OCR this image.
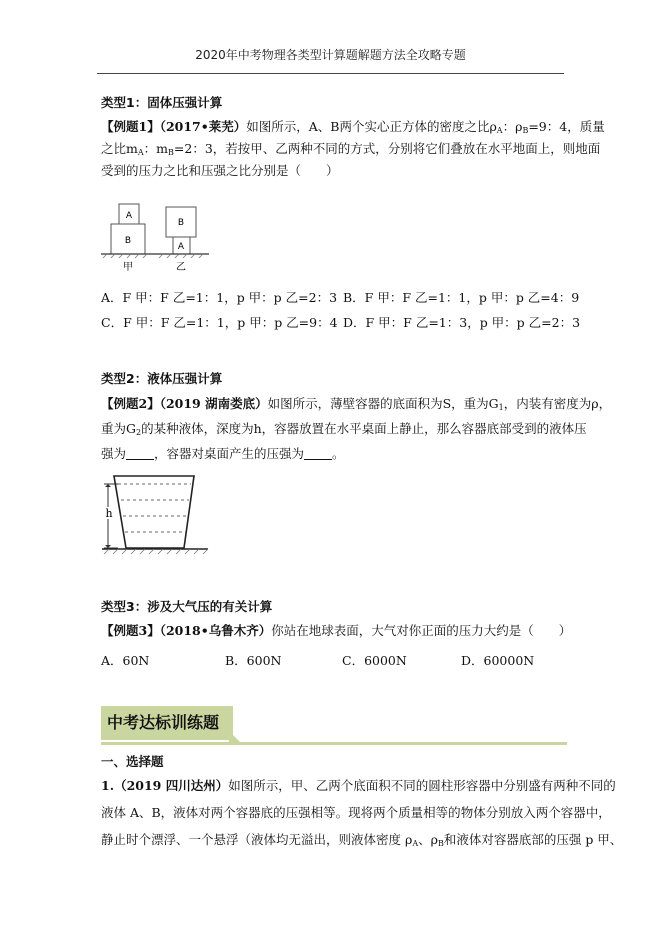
2020年中考物理各类型计算题解题方法全攻略专题
类型1：固体压强计算
【例题1】（2017•莱芜）如图所示，A、B两个实心正方体的密度之比$\rho_A$：$\rho_B=9$：4，质量
之比$m_A$：$m_B=2$：3，若按甲、乙两种不同的方式，分别将它们叠放在水平地面上，则地面
受到的压力之比和压强之比分别是（　　）
A
B
B
A
甲	乙
A．F 甲：F 乙=1：1，p 甲：p 乙=2：3 B．F 甲：F 乙=1：1，p 甲：p 乙=4：9
C．F 甲：F 乙=1：1，p 甲：p 乙=9：4 D．F 甲：F 乙=1：3，p 甲：p 乙=2：3
类型2：液体压强计算
【例题2】（2019 湖南娄底）如图所示，薄壁容器的底面积为S，重为$G_1$，内装有密度为ρ，
重为$G_2$的某种液体，深度为h，容器放置在水平桌面上静止，那么容器底部受到的液体压
强为 ，容器对桌面产生的压强为 。
h
类型3：涉及大气压的有关计算
【例题3】（2018•乌鲁木齐）你站在地球表面，大气对你正面的压力大约是（　　）
A．60N	B．600N	C．6000N	D．60000N
中考达标训练题
一、选择题
1.（2019 四川达州）如图所示，甲、乙两个底面积不同的圆柱形容器中分别盛有两种不同的
液体 A、B，液体对两个容器底的压强相等。现将两个质量相等的物体分别放入两个容器中，
静止时个漂浮、一个悬浮（液体均无溢出，则液体密度 $\rho_A$、$\rho_B$和液体对容器底部的压强 p 甲、
